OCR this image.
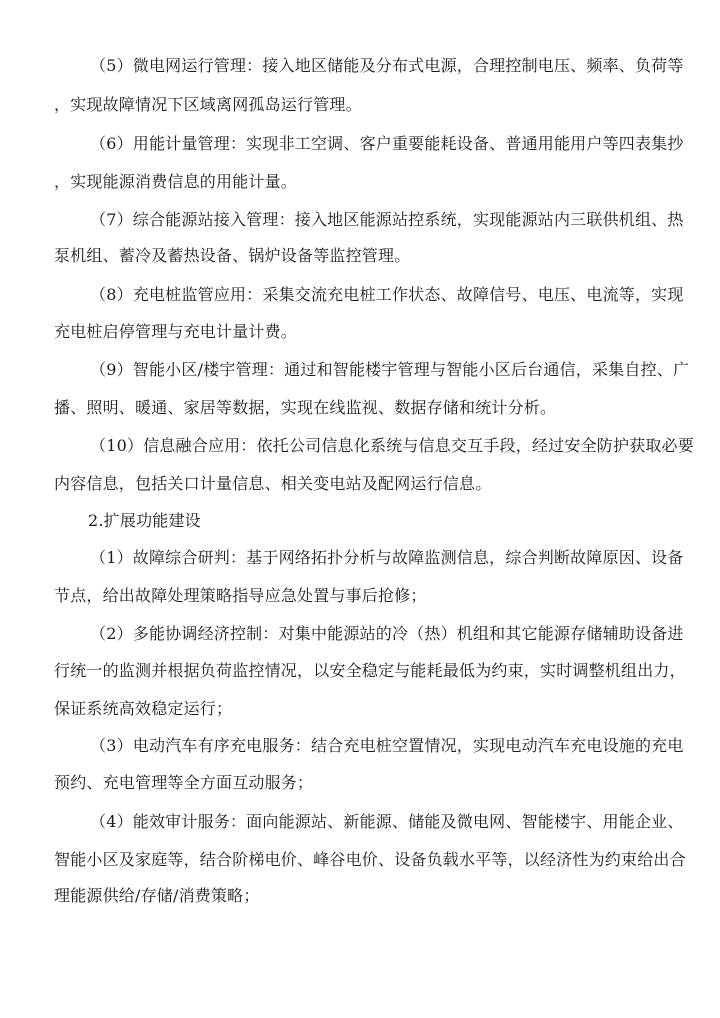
（5）微电网运行管理：接入地区储能及分布式电源，合理控制电压、频率、负荷等
，实现故障情况下区域离网孤岛运行管理。
（6）用能计量管理：实现非工空调、客户重要能耗设备、普通用能用户等四表集抄
，实现能源消费信息的用能计量。
（7）综合能源站接入管理：接入地区能源站控系统，实现能源站内三联供机组、热
泵机组、蓄冷及蓄热设备、锅炉设备等监控管理。
（8）充电桩监管应用：采集交流充电桩工作状态、故障信号、电压、电流等，实现
充电桩启停管理与充电计量计费。
（9）智能小区/楼宇管理：通过和智能楼宇管理与智能小区后台通信，采集自控、广
播、照明、暖通、家居等数据，实现在线监视、数据存储和统计分析。
（10）信息融合应用：依托公司信息化系统与信息交互手段，经过安全防护获取必要
内容信息，包括关口计量信息、相关变电站及配网运行信息。
2.扩展功能建设
（1）故障综合研判：基于网络拓扑分析与故障监测信息，综合判断故障原因、设备
节点，给出故障处理策略指导应急处置与事后抢修；
（2）多能协调经济控制：对集中能源站的冷（热）机组和其它能源存储辅助设备进
行统一的监测并根据负荷监控情况，以安全稳定与能耗最低为约束，实时调整机组出力，
保证系统高效稳定运行；
（3）电动汽车有序充电服务：结合充电桩空置情况，实现电动汽车充电设施的充电
预约、充电管理等全方面互动服务；
（4）能效审计服务：面向能源站、新能源、储能及微电网、智能楼宇、用能企业、
智能小区及家庭等，结合阶梯电价、峰谷电价、设备负载水平等，以经济性为约束给出合
理能源供给/存储/消费策略；
